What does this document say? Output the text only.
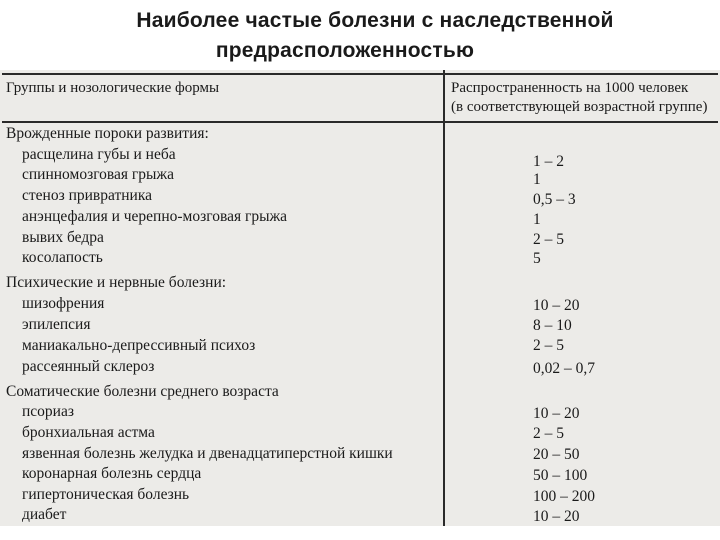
Наиболее частые болезни с наследственной
предрасположенностью
Группы и нозологические формы	Распространенность на 1000 человек
(в соответствующей возрастной группе)
Врожденные пороки развития:
расщелина губы и неба	1 – 2
спинномозговая грыжа	1
стеноз привратника	0,5 – 3
анэнцефалия и черепно-мозговая грыжа	1
вывих бедра	2 – 5
косолапость	5
Психические и нервные болезни:
шизофрения	10 – 20
эпилепсия	8 – 10
маниакально-депрессивный психоз	2 – 5
рассеянный склероз	0,02 – 0,7
Соматические болезни среднего возраста
псориаз	10 – 20
бронхиальная астма	2 – 5
язвенная болезнь желудка и двенадцатиперстной кишки	20 – 50
коронарная болезнь сердца	50 – 100
гипертоническая болезнь	100 – 200
диабет	10 – 20
